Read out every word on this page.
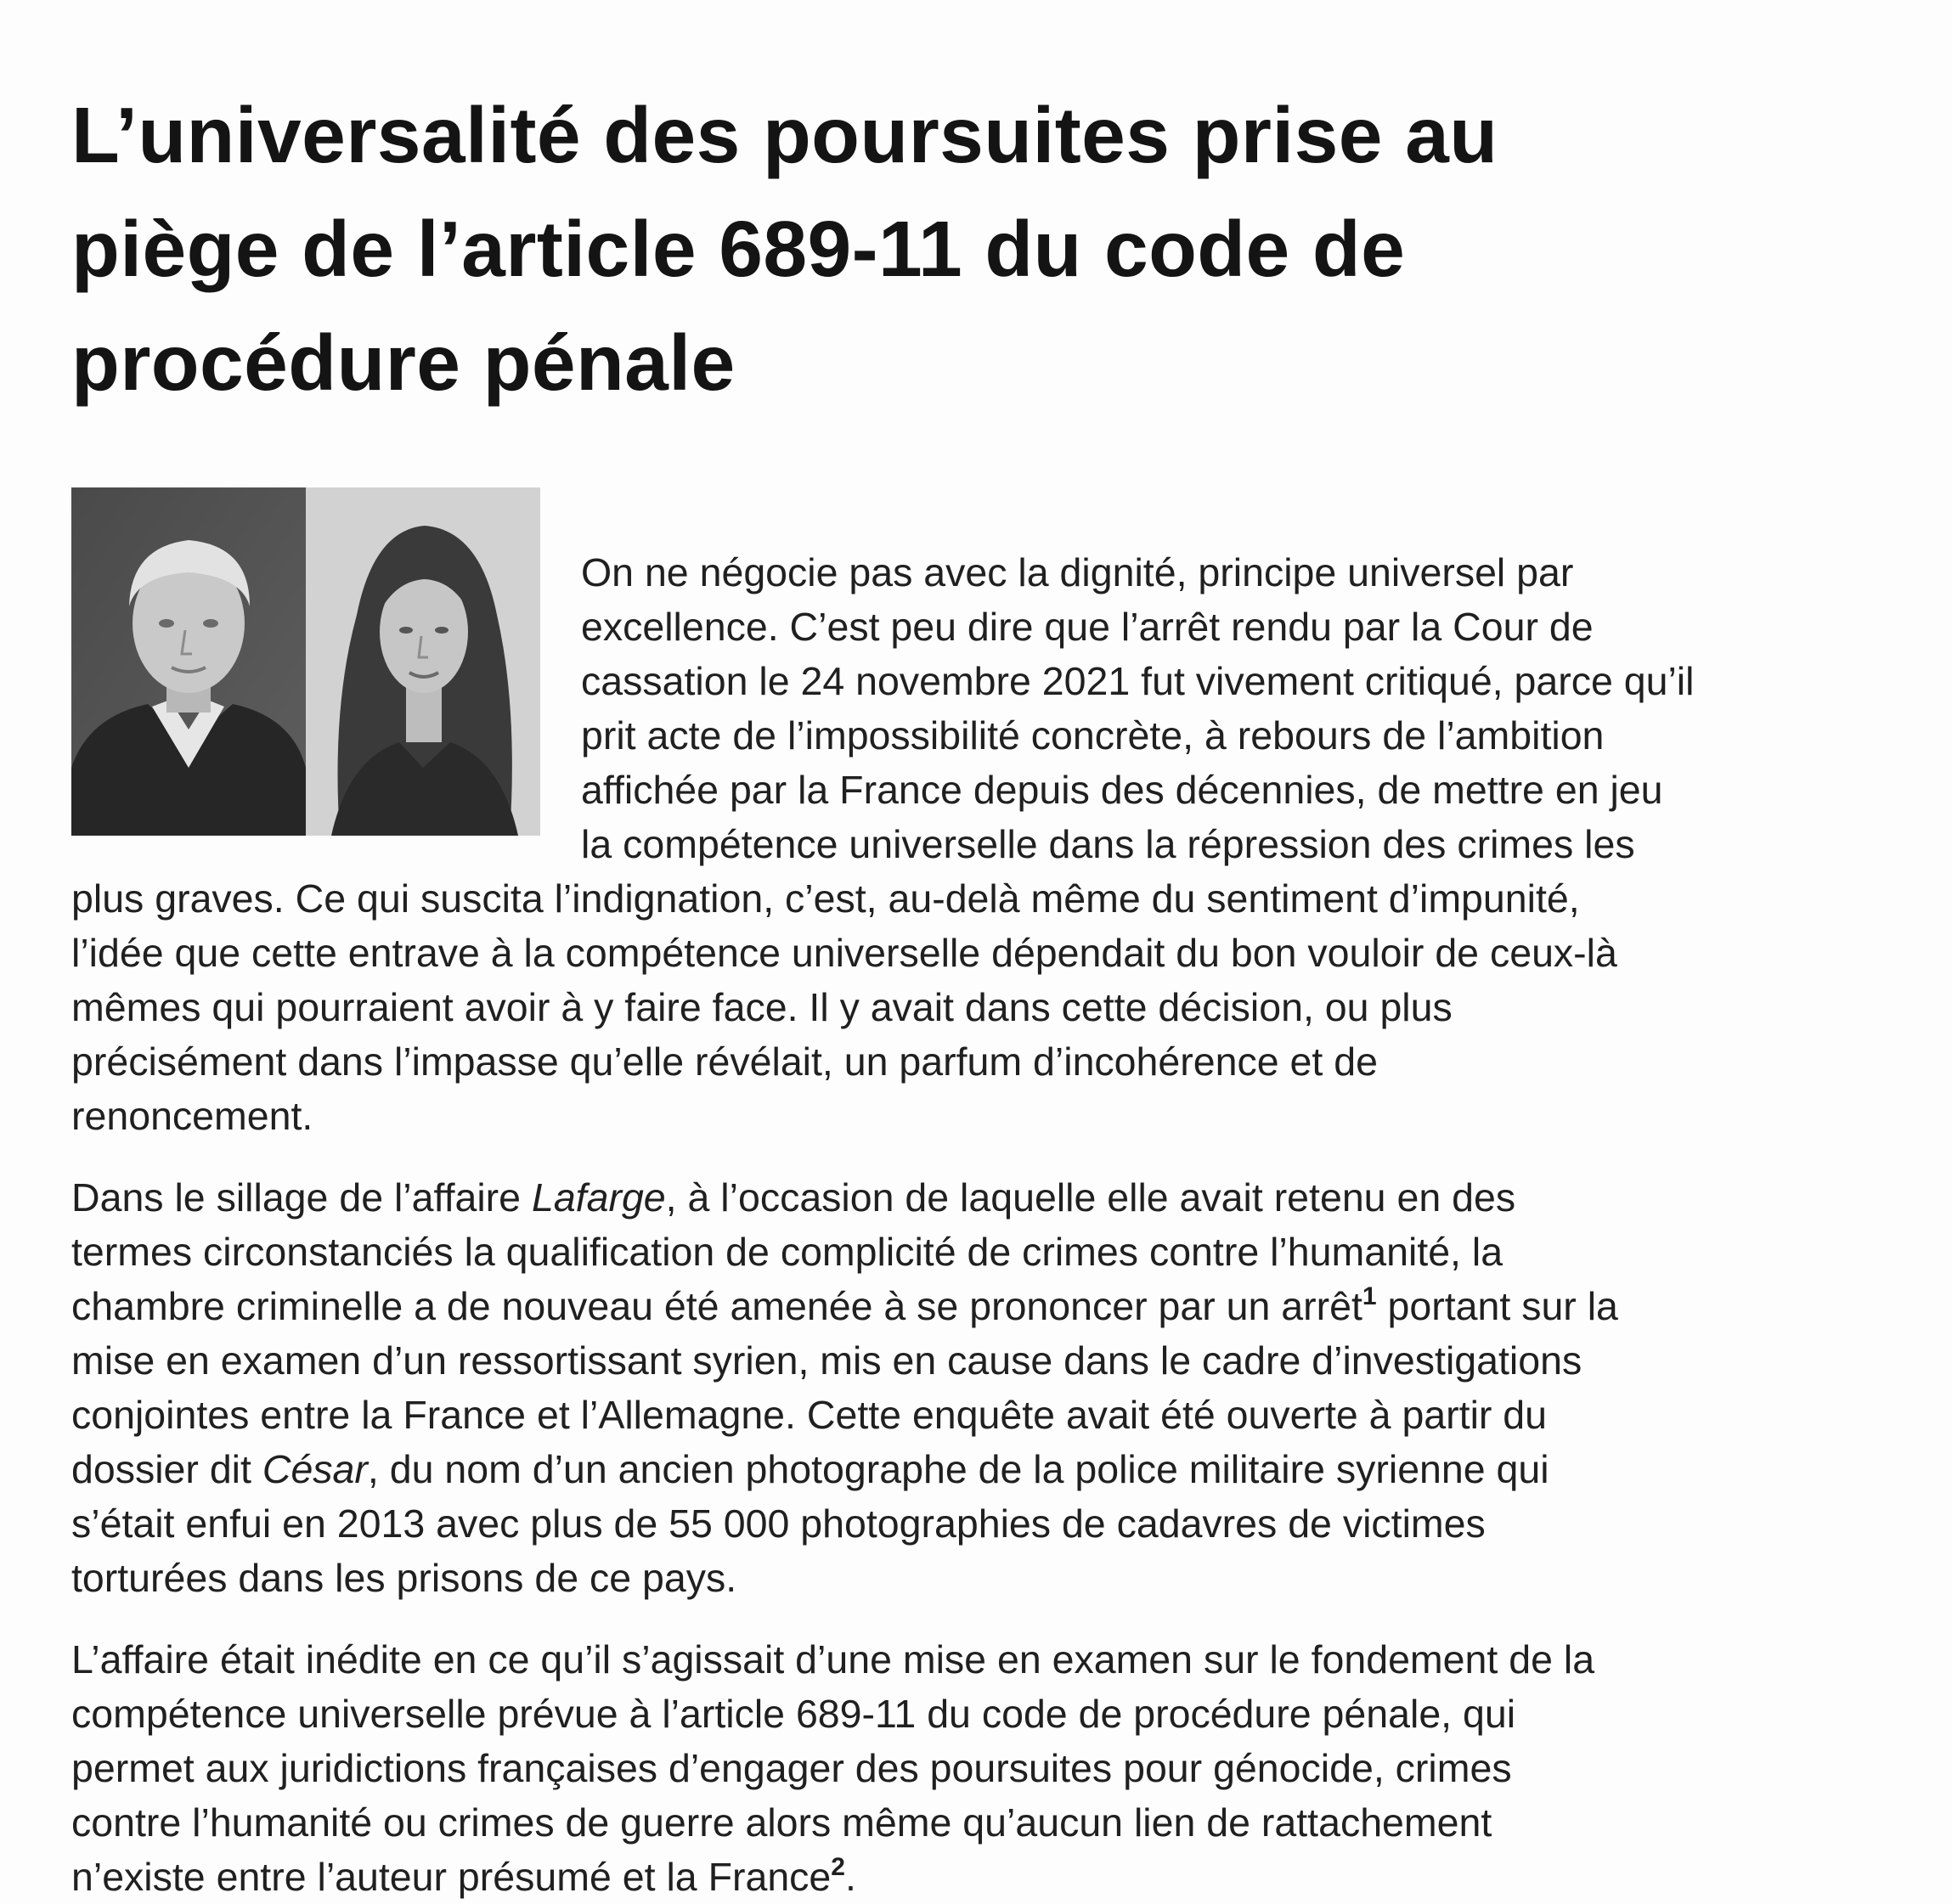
L’universalité des poursuites prise au
piège de l’article 689-11 du code de
procédure pénale

On ne négocie pas avec la dignité, principe universel par
excellence. C’est peu dire que l’arrêt rendu par la Cour de
cassation le 24 novembre 2021 fut vivement critiqué, parce qu’il
prit acte de l’impossibilité concrète, à rebours de l’ambition
affichée par la France depuis des décennies, de mettre en jeu
la compétence universelle dans la répression des crimes les
plus graves. Ce qui suscita l’indignation, c’est, au-delà même du sentiment d’impunité,
l’idée que cette entrave à la compétence universelle dépendait du bon vouloir de ceux-là
mêmes qui pourraient avoir à y faire face. Il y avait dans cette décision, ou plus
précisément dans l’impasse qu’elle révélait, un parfum d’incohérence et de
renoncement.

Dans le sillage de l’affaire Lafarge, à l’occasion de laquelle elle avait retenu en des
termes circonstanciés la qualification de complicité de crimes contre l’humanité, la
chambre criminelle a de nouveau été amenée à se prononcer par un arrêt$^1$ portant sur la
mise en examen d’un ressortissant syrien, mis en cause dans le cadre d’investigations
conjointes entre la France et l’Allemagne. Cette enquête avait été ouverte à partir du
dossier dit César, du nom d’un ancien photographe de la police militaire syrienne qui
s’était enfui en 2013 avec plus de 55 000 photographies de cadavres de victimes
torturées dans les prisons de ce pays.

L’affaire était inédite en ce qu’il s’agissait d’une mise en examen sur le fondement de la
compétence universelle prévue à l’article 689-11 du code de procédure pénale, qui
permet aux juridictions françaises d’engager des poursuites pour génocide, crimes
contre l’humanité ou crimes de guerre alors même qu’aucun lien de rattachement
n’existe entre l’auteur présumé et la France$^2$.
